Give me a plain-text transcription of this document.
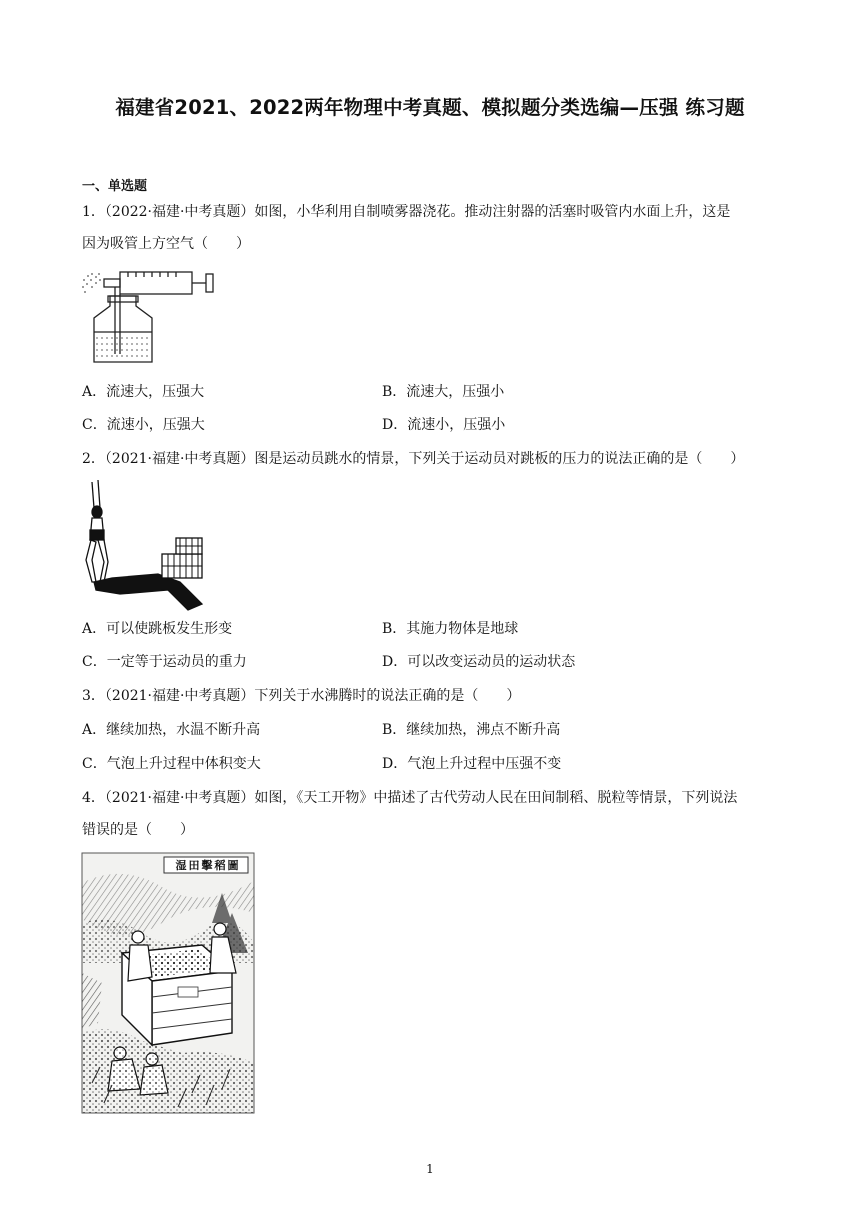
福建省2021、2022两年物理中考真题、模拟题分类选编—压强 练习题
一、单选题
1．（2022·福建·中考真题）如图，小华利用自制喷雾器浇花。推动注射器的活塞时吸管内水面上升，这是
因为吸管上方空气（　　）
A．流速大，压强大	B．流速大，压强小
C．流速小，压强大	D．流速小，压强小
2．（2021·福建·中考真题）图是运动员跳水的情景，下列关于运动员对跳板的压力的说法正确的是（　　）
A．可以使跳板发生形变	B．其施力物体是地球
C．一定等于运动员的重力	D．可以改变运动员的运动状态
3．（2021·福建·中考真题）下列关于水沸腾时的说法正确的是（　　）
A．继续加热，水温不断升高	B．继续加热，沸点不断升高
C．气泡上升过程中体积变大	D．气泡上升过程中压强不变
4．（2021·福建·中考真题）如图，《天工开物》中描述了古代劳动人民在田间制稻、脱粒等情景，下列说法
错误的是（　　）
湿田擊稻圖
1
